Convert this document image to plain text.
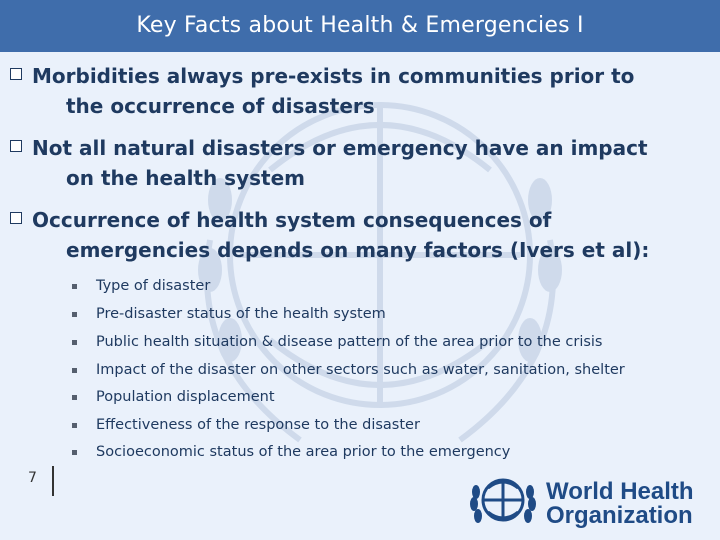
Key Facts about Health & Emergencies I
Morbidities always pre-exists in communities prior to
the occurrence of disasters
Not all natural disasters or emergency have an impact
on the health system
Occurrence of health system consequences of
emergencies depends on many factors (Ivers et al):
Type of disaster
Pre-disaster status of the health system
Public health situation & disease pattern of the area prior to the crisis
Impact of the disaster on other sectors such as water, sanitation, shelter
Population displacement
Effectiveness of the response to the disaster
Socioeconomic status of the area prior to the emergency
7	World Health
Organization
